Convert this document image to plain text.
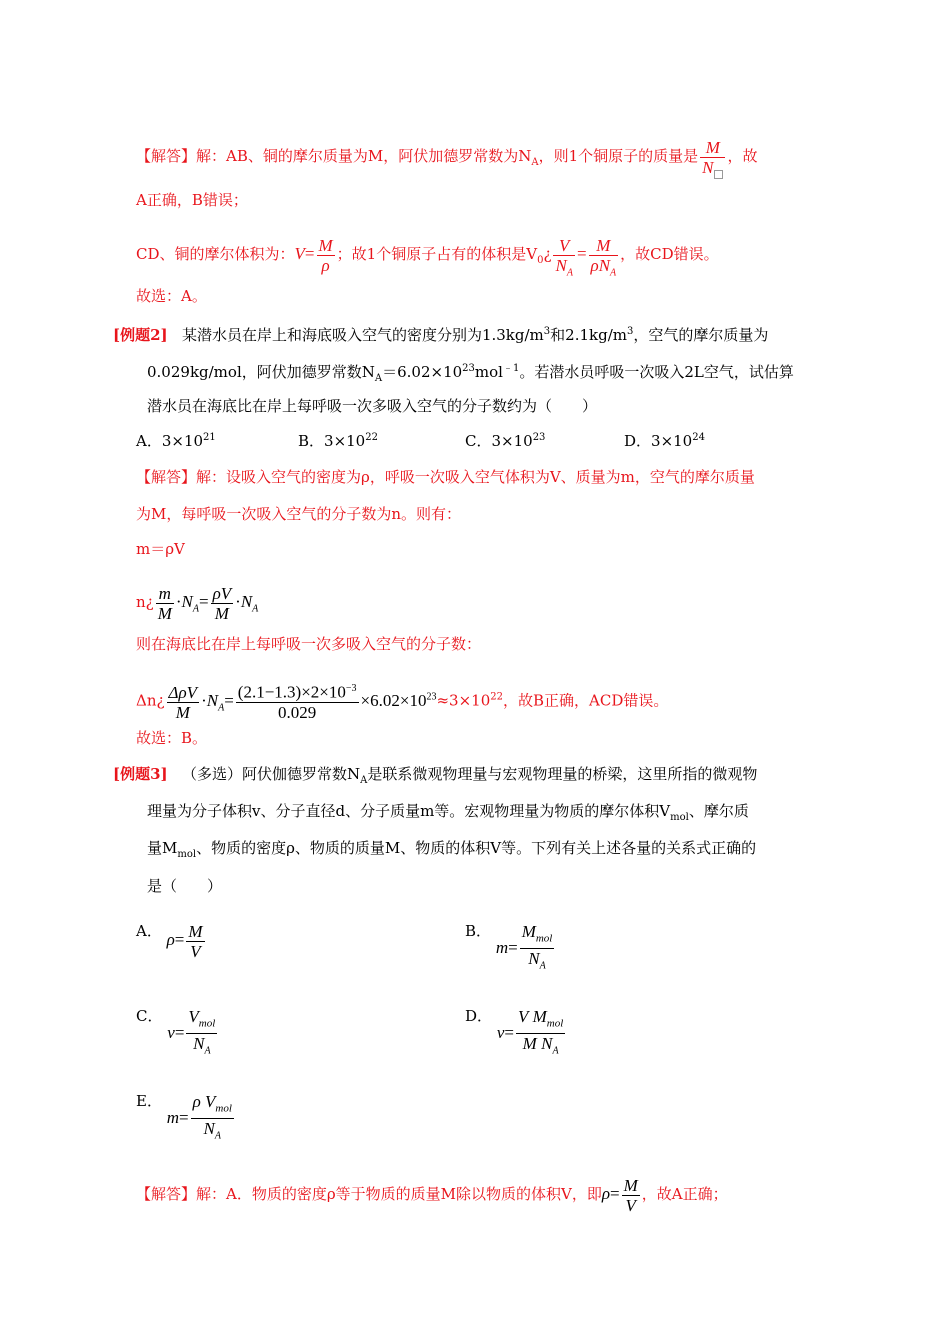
【解答】解：AB、铜的摩尔质量为M，阿伏加德罗常数为$N_A$，则1个铜原子的质量是 $\frac{M}{N}$ ，故
A正确，B错误；
CD、铜的摩尔体积为：$V= \frac{M}{\rho}$ ；故1个铜原子占有的体积是$V_0¿ \frac{V}{N_A} = \frac{M}{\rho N_A}$ ，故CD错误。
故选：A。
[例题2] 某潜水员在岸上和海底吸入空气的密度分别为$1.3kg/m^3$和$2.1kg/m^3$，空气的摩尔质量为
0.029kg/mol，阿伏加德罗常数$N_A=6.02\times 10^{23}mol^{﹣1}$。若潜水员呼吸一次吸入2L空气，试估算
潜水员在海底比在岸上每呼吸一次多吸入空气的分子数约为（　　）
A．$3\times 10^{21}$	B．$3\times 10^{22}$	C．$3\times 10^{23}$	D．$3\times 10^{24}$
【解答】解：设吸入空气的密度为ρ，呼吸一次吸入空气体积为V、质量为m，空气的摩尔质量
为M，每呼吸一次吸入空气的分子数为n。则有：
m＝ρV
n¿ $\frac{m}{M} \cdot N_A= \frac{\rho V}{M} \cdot N_A$
则在海底比在岸上每呼吸一次多吸入空气的分子数：
Δn¿ $\frac{\text{ΔρV}}{M} \cdot N_A= \frac{(2.1-1.3)\times 2\times 10^{-3}}{0.029} \times 6.02\times 10^{23}\approx 3\times 10^{22}$，故B正确，ACD错误。
故选：B。
[例题3] （多选）阿伏伽德罗常数$N_A$是联系微观物理量与宏观物理量的桥梁，这里所指的微观物
理量为分子体积v、分子直径d、分子质量m等。宏观物理量为物质的摩尔体积$V_{mol}$、摩尔质
量$M_{mol}$、物质的密度ρ、物质的质量M、物质的体积V等。下列有关上述各量的关系式正确的
是（　　）
A． $\rho= \frac{M}{V}$	B． $m= \frac{M_{mol}}{N_A}$
C． $v= \frac{V_{mol}}{N_A}$	D． $v= \frac{V M_{mol}}{M N_A}$
E． $m= \frac{\rho V_{mol}}{N_A}$
【解答】解：A．物质的密度ρ等于物质的质量M除以物质的体积V，即$\rho= \frac{M}{V}$ ，故A正确；
